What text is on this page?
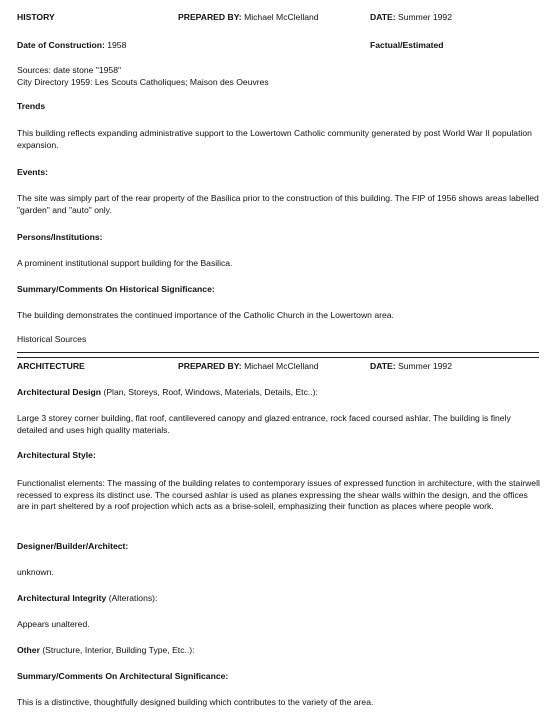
HISTORY	PREPARED BY: Michael McClelland	DATE: Summer 1992
Date of Construction: 1958	Factual/Estimated
Sources: date stone "1958"
City Directory 1959: Les Scouts Catholiques; Maison des Oeuvres
Trends
This building reflects expanding administrative support to the Lowertown Catholic community generated by post World War II population expansion.
Events:
The site was simply part of the rear property of the Basilica prior to the construction of this building. The FIP of 1956 shows areas labelled "garden" and "auto" only.
Persons/Institutions:
A prominent institutional support building for the Basilica.
Summary/Comments On Historical Significance:
The building demonstrates the continued importance of the Catholic Church in the Lowertown area.
Historical Sources
ARCHITECTURE	PREPARED BY: Michael McClelland	DATE: Summer 1992
Architectural Design (Plan, Storeys, Roof, Windows, Materials, Details, Etc..):
Large 3 storey corner building, flat roof, cantilevered canopy and glazed entrance, rock faced coursed ashlar. The building is finely detailed and uses high quality materials.
Architectural Style:
Functionalist elements: The massing of the building relates to contemporary issues of expressed function in architecture, with the stairwell recessed to express its distinct use. The coursed ashlar is used as planes expressing the shear walls within the design, and the offices are in part sheltered by a roof projection which acts as a brise-soleil, emphasizing their function as places where people work.
Designer/Builder/Architect:
unknown.
Architectural Integrity (Alterations):
Appears unaltered.
Other (Structure, Interior, Building Type, Etc..):
Summary/Comments On Architectural Significance:
This is a distinctive, thoughtfully designed building which contributes to the variety of the area.
